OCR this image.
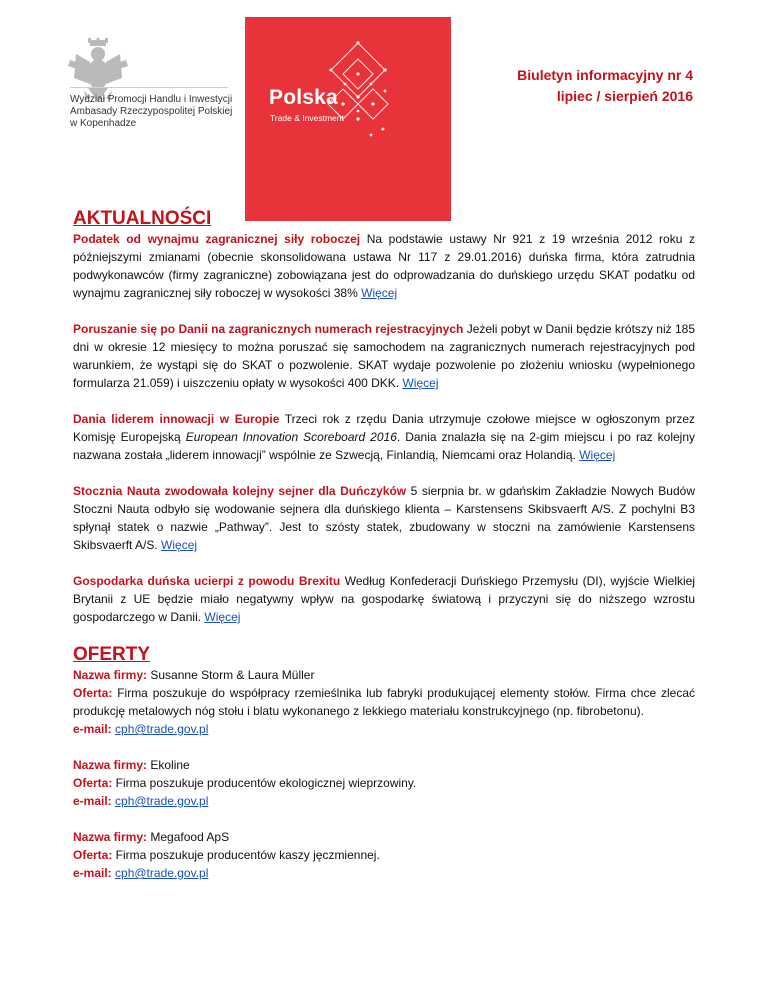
Wydział Promocji Handlu i Inwestycji
Ambasady Rzeczypospolitej Polskiej
w Kopenhadze
Polska
Trade & Investment
Biuletyn informacyjny nr 4
lipiec / sierpień 2016
AKTUALNOŚCI

Podatek od wynajmu zagranicznej siły roboczej Na podstawie ustawy Nr 921 z 19 września 2012 roku z późniejszymi zmianami (obecnie skonsolidowana ustawa Nr 117 z 29.01.2016) duńska firma, która zatrudnia podwykonawców (firmy zagraniczne) zobowiązana jest do odprowadzania do duńskiego urzędu SKAT podatku od wynajmu zagranicznej siły roboczej w wysokości 38% Więcej

Poruszanie się po Danii na zagranicznych numerach rejestracyjnych Jeżeli pobyt w Danii będzie krótszy niż 185 dni w okresie 12 miesięcy to można poruszać się samochodem na zagranicznych numerach rejestracyjnych pod warunkiem, że wystąpi się do SKAT o pozwolenie. SKAT wydaje pozwolenie po złożeniu wniosku (wypełnionego formularza 21.059) i uiszczeniu opłaty w wysokości 400 DKK. Więcej

Dania liderem innowacji w Europie Trzeci rok z rzędu Dania utrzymuje czołowe miejsce w ogłoszonym przez Komisję Europejską European Innovation Scoreboard 2016. Dania znalazła się na 2-gim miejscu i po raz kolejny nazwana została „liderem innowacji” wspólnie ze Szwecją, Finlandią, Niemcami oraz Holandią. Więcej

Stocznia Nauta zwodowała kolejny sejner dla Duńczyków 5 sierpnia br. w gdańskim Zakładzie Nowych Budów Stoczni Nauta odbyło się wodowanie sejnera dla duńskiego klienta – Karstensens Skibsvaerft A/S. Z pochylni B3 spłynął statek o nazwie „Pathway”. Jest to szósty statek, zbudowany w stoczni na zamówienie Karstensens Skibsvaerft A/S. Więcej

Gospodarka duńska ucierpi z powodu Brexitu Według Konfederacji Duńskiego Przemysłu (DI), wyjście Wielkiej Brytanii z UE będzie miało negatywny wpływ na gospodarkę światową i przyczyni się do niższego wzrostu gospodarczego w Danii. Więcej

OFERTY
Nazwa firmy: Susanne Storm & Laura Müller
Oferta: Firma poszukuje do współpracy rzemieślnika lub fabryki produkującej elementy stołów. Firma chce zlecać produkcję metalowych nóg stołu i blatu wykonanego z lekkiego materiału konstrukcyjnego (np. fibrobetonu).
e-mail: cph@trade.gov.pl
Nazwa firmy: Ekoline
Oferta: Firma poszukuje producentów ekologicznej wieprzowiny.
e-mail: cph@trade.gov.pl
Nazwa firmy: Megafood ApS
Oferta: Firma poszukuje producentów kaszy jęczmiennej.
e-mail: cph@trade.gov.pl
